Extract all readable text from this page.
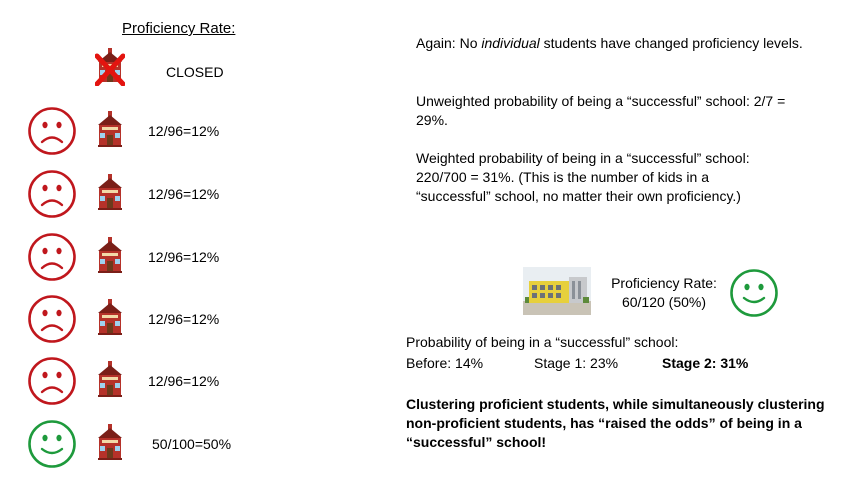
Proficiency Rate:
CLOSED
12/96=12%
12/96=12%
12/96=12%
12/96=12%
12/96=12%
50/100=50%
Again: No individual students have changed proficiency levels.
Unweighted probability of being a “successful” school: 2/7 = 29%.
Weighted probability of being in a “successful” school: 220/700 = 31%. (This is the number of kids in a “successful” school, no matter their own proficiency.)
Proficiency Rate:
60/120 (50%)
Probability of being in a “successful” school:
Before: 14%	Stage 1: 23%	Stage 2: 31%
Clustering proficient students, while simultaneously clustering non-proficient students, has “raised the odds” of being in a “successful” school!
